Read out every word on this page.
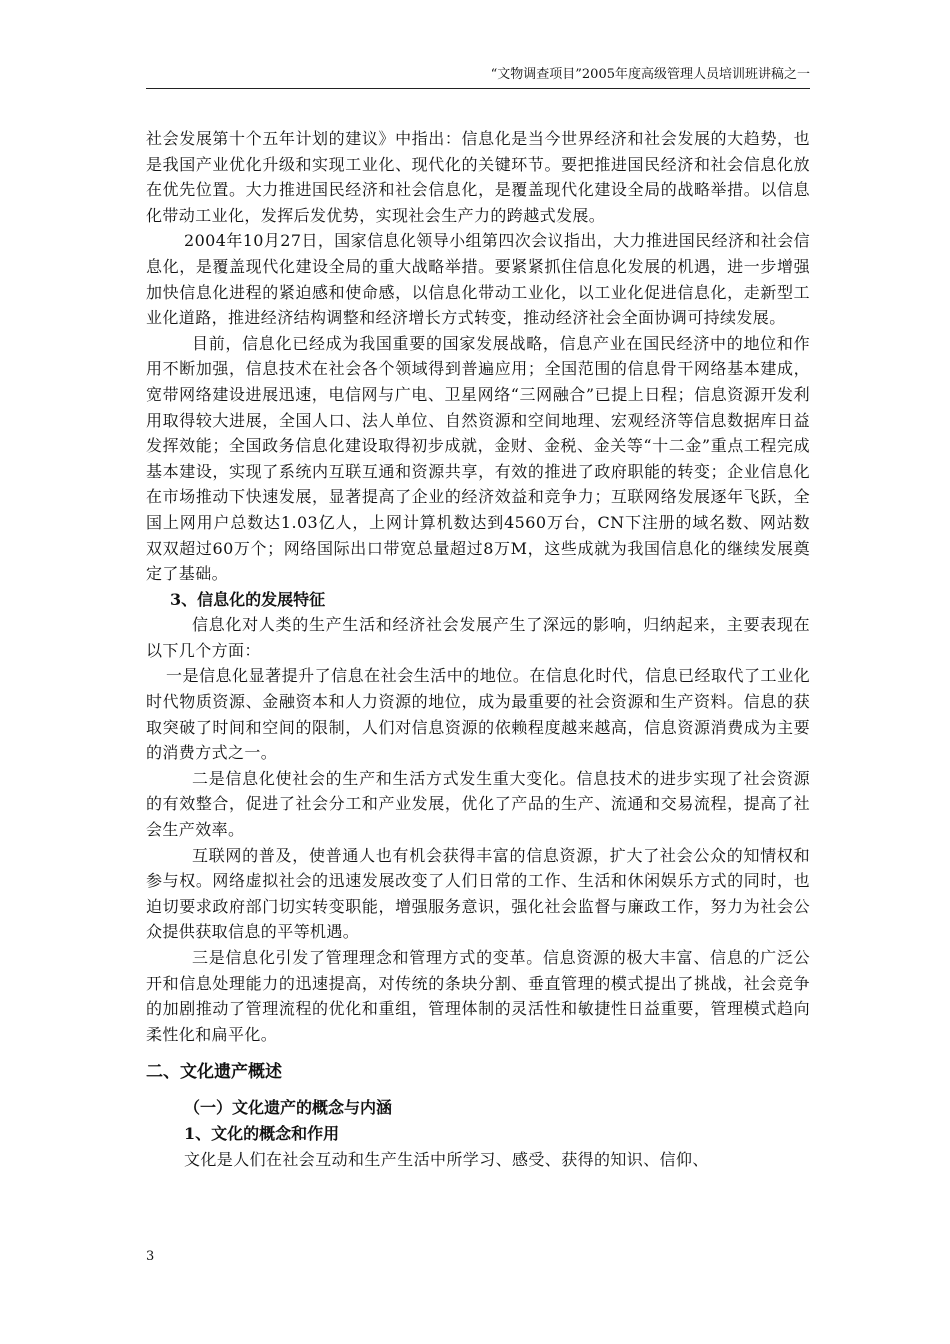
“文物调查项目”2005年度高级管理人员培训班讲稿之一

社会发展第十个五年计划的建议》中指出：信息化是当今世界经济和社会发展的大趋势，也是我国产业优化升级和实现工业化、现代化的关键环节。要把推进国民经济和社会信息化放在优先位置。大力推进国民经济和社会信息化，是覆盖现代化建设全局的战略举措。以信息化带动工业化，发挥后发优势，实现社会生产力的跨越式发展。

2004年10月27日，国家信息化领导小组第四次会议指出，大力推进国民经济和社会信息化，是覆盖现代化建设全局的重大战略举措。要紧紧抓住信息化发展的机遇，进一步增强加快信息化进程的紧迫感和使命感，以信息化带动工业化，以工业化促进信息化，走新型工业化道路，推进经济结构调整和经济增长方式转变，推动经济社会全面协调可持续发展。

目前，信息化已经成为我国重要的国家发展战略，信息产业在国民经济中的地位和作用不断加强，信息技术在社会各个领域得到普遍应用；全国范围的信息骨干网络基本建成，宽带网络建设进展迅速，电信网与广电、卫星网络“三网融合”已提上日程；信息资源开发利用取得较大进展，全国人口、法人单位、自然资源和空间地理、宏观经济等信息数据库日益发挥效能；全国政务信息化建设取得初步成就，金财、金税、金关等“十二金”重点工程完成基本建设，实现了系统内互联互通和资源共享，有效的推进了政府职能的转变；企业信息化在市场推动下快速发展，显著提高了企业的经济效益和竞争力；互联网络发展逐年飞跃，全国上网用户总数达1.03亿人，上网计算机数达到4560万台，CN下注册的域名数、网站数双双超过60万个；网络国际出口带宽总量超过8万M，这些成就为我国信息化的继续发展奠定了基础。

3、信息化的发展特征

信息化对人类的生产生活和经济社会发展产生了深远的影响，归纳起来，主要表现在以下几个方面：

一是信息化显著提升了信息在社会生活中的地位。在信息化时代，信息已经取代了工业化时代物质资源、金融资本和人力资源的地位，成为最重要的社会资源和生产资料。信息的获取突破了时间和空间的限制，人们对信息资源的依赖程度越来越高，信息资源消费成为主要的消费方式之一。

二是信息化使社会的生产和生活方式发生重大变化。信息技术的进步实现了社会资源的有效整合，促进了社会分工和产业发展，优化了产品的生产、流通和交易流程，提高了社会生产效率。

互联网的普及，使普通人也有机会获得丰富的信息资源，扩大了社会公众的知情权和参与权。网络虚拟社会的迅速发展改变了人们日常的工作、生活和休闲娱乐方式的同时，也迫切要求政府部门切实转变职能，增强服务意识，强化社会监督与廉政工作，努力为社会公众提供获取信息的平等机遇。

三是信息化引发了管理理念和管理方式的变革。信息资源的极大丰富、信息的广泛公开和信息处理能力的迅速提高，对传统的条块分割、垂直管理的模式提出了挑战，社会竞争的加剧推动了管理流程的优化和重组，管理体制的灵活性和敏捷性日益重要，管理模式趋向柔性化和扁平化。

二、文化遗产概述

（一）文化遗产的概念与内涵

1、文化的概念和作用

文化是人们在社会互动和生产生活中所学习、感受、获得的知识、信仰、

3
